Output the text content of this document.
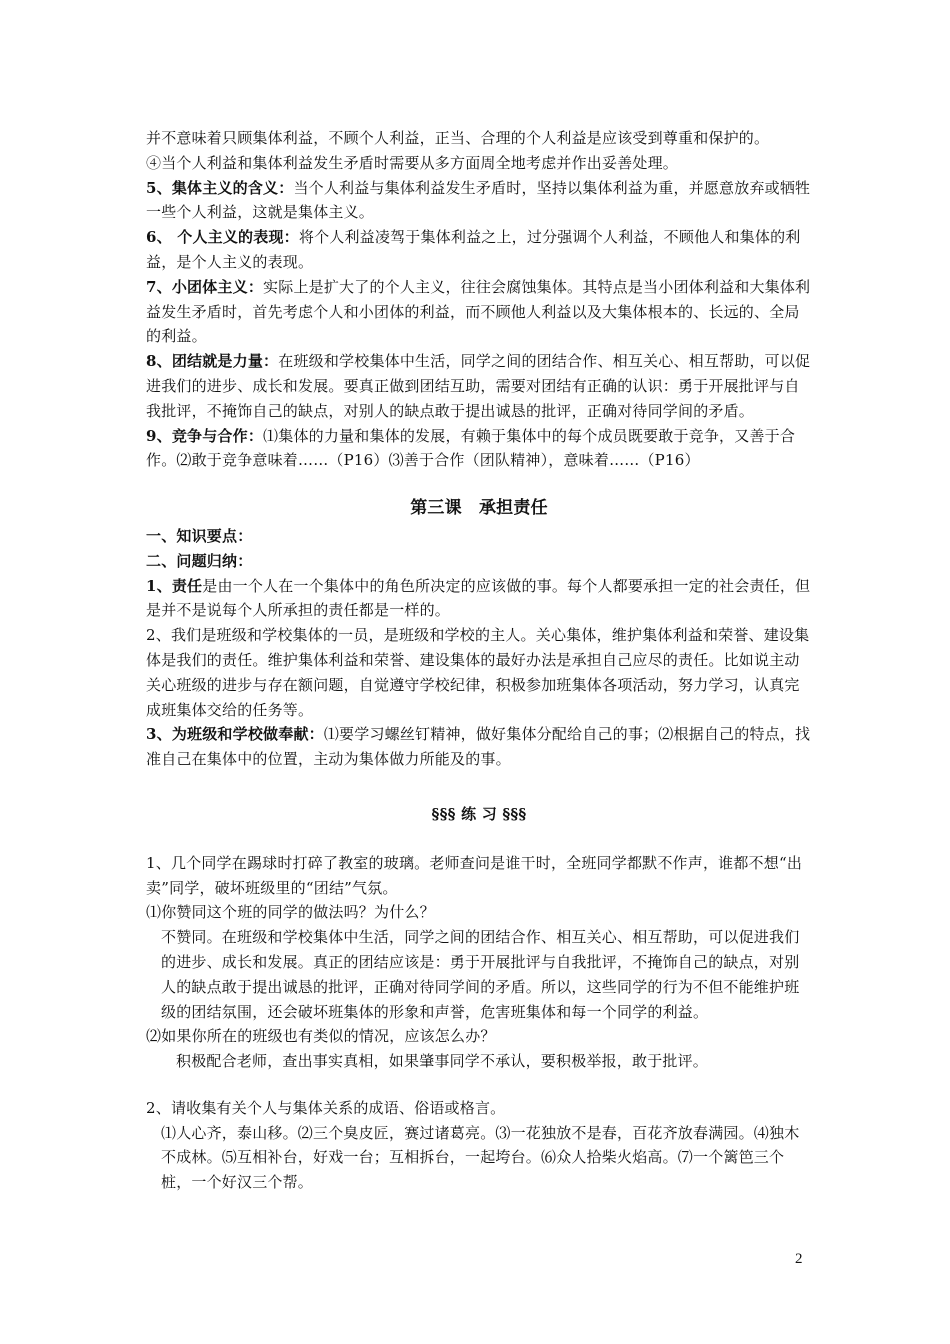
并不意味着只顾集体利益，不顾个人利益，正当、合理的个人利益是应该受到尊重和保护的。

④当个人利益和集体利益发生矛盾时需要从多方面周全地考虑并作出妥善处理。

5、集体主义的含义：当个人利益与集体利益发生矛盾时，坚持以集体利益为重，并愿意放弃或牺牲一些个人利益，这就是集体主义。

6、 个人主义的表现：将个人利益凌驾于集体利益之上，过分强调个人利益，不顾他人和集体的利益，是个人主义的表现。

7、小团体主义：实际上是扩大了的个人主义，往往会腐蚀集体。其特点是当小团体利益和大集体利益发生矛盾时，首先考虑个人和小团体的利益，而不顾他人利益以及大集体根本的、长远的、全局的利益。

8、团结就是力量：在班级和学校集体中生活，同学之间的团结合作、相互关心、相互帮助，可以促进我们的进步、成长和发展。要真正做到团结互助，需要对团结有正确的认识：勇于开展批评与自我批评，不掩饰自己的缺点，对别人的缺点敢于提出诚恳的批评，正确对待同学间的矛盾。

9、竞争与合作：⑴集体的力量和集体的发展，有赖于集体中的每个成员既要敢于竞争，又善于合作。⑵敢于竞争意味着……（P16）⑶善于合作（团队精神），意味着……（P16）

第三课　承担责任

一、知识要点：

二、问题归纳：

1、责任是由一个人在一个集体中的角色所决定的应该做的事。每个人都要承担一定的社会责任，但是并不是说每个人所承担的责任都是一样的。

2、我们是班级和学校集体的一员，是班级和学校的主人。关心集体，维护集体利益和荣誉、建设集体是我们的责任。维护集体利益和荣誉、建设集体的最好办法是承担自己应尽的责任。比如说主动关心班级的进步与存在额问题，自觉遵守学校纪律，积极参加班集体各项活动，努力学习，认真完成班集体交给的任务等。

3、为班级和学校做奉献：⑴要学习螺丝钉精神，做好集体分配给自己的事；⑵根据自己的特点，找准自己在集体中的位置，主动为集体做力所能及的事。

§§§ 练 习 §§§

1、几个同学在踢球时打碎了教室的玻璃。老师查问是谁干时，全班同学都默不作声，谁都不想“出卖”同学，破坏班级里的“团结”气氛。

⑴你赞同这个班的同学的做法吗？为什么？

不赞同。在班级和学校集体中生活，同学之间的团结合作、相互关心、相互帮助，可以促进我们的进步、成长和发展。真正的团结应该是：勇于开展批评与自我批评，不掩饰自己的缺点，对别人的缺点敢于提出诚恳的批评，正确对待同学间的矛盾。所以，这些同学的行为不但不能维护班级的团结氛围，还会破坏班集体的形象和声誉，危害班集体和每一个同学的利益。

⑵如果你所在的班级也有类似的情况，应该怎么办？

积极配合老师，查出事实真相，如果肇事同学不承认，要积极举报，敢于批评。

2、请收集有关个人与集体关系的成语、俗语或格言。

⑴人心齐，泰山移。⑵三个臭皮匠，赛过诸葛亮。⑶一花独放不是春，百花齐放春满园。⑷独木不成林。⑸互相补台，好戏一台；互相拆台，一起垮台。⑹众人拾柴火焰高。⑺一个篱笆三个桩，一个好汉三个帮。

2
